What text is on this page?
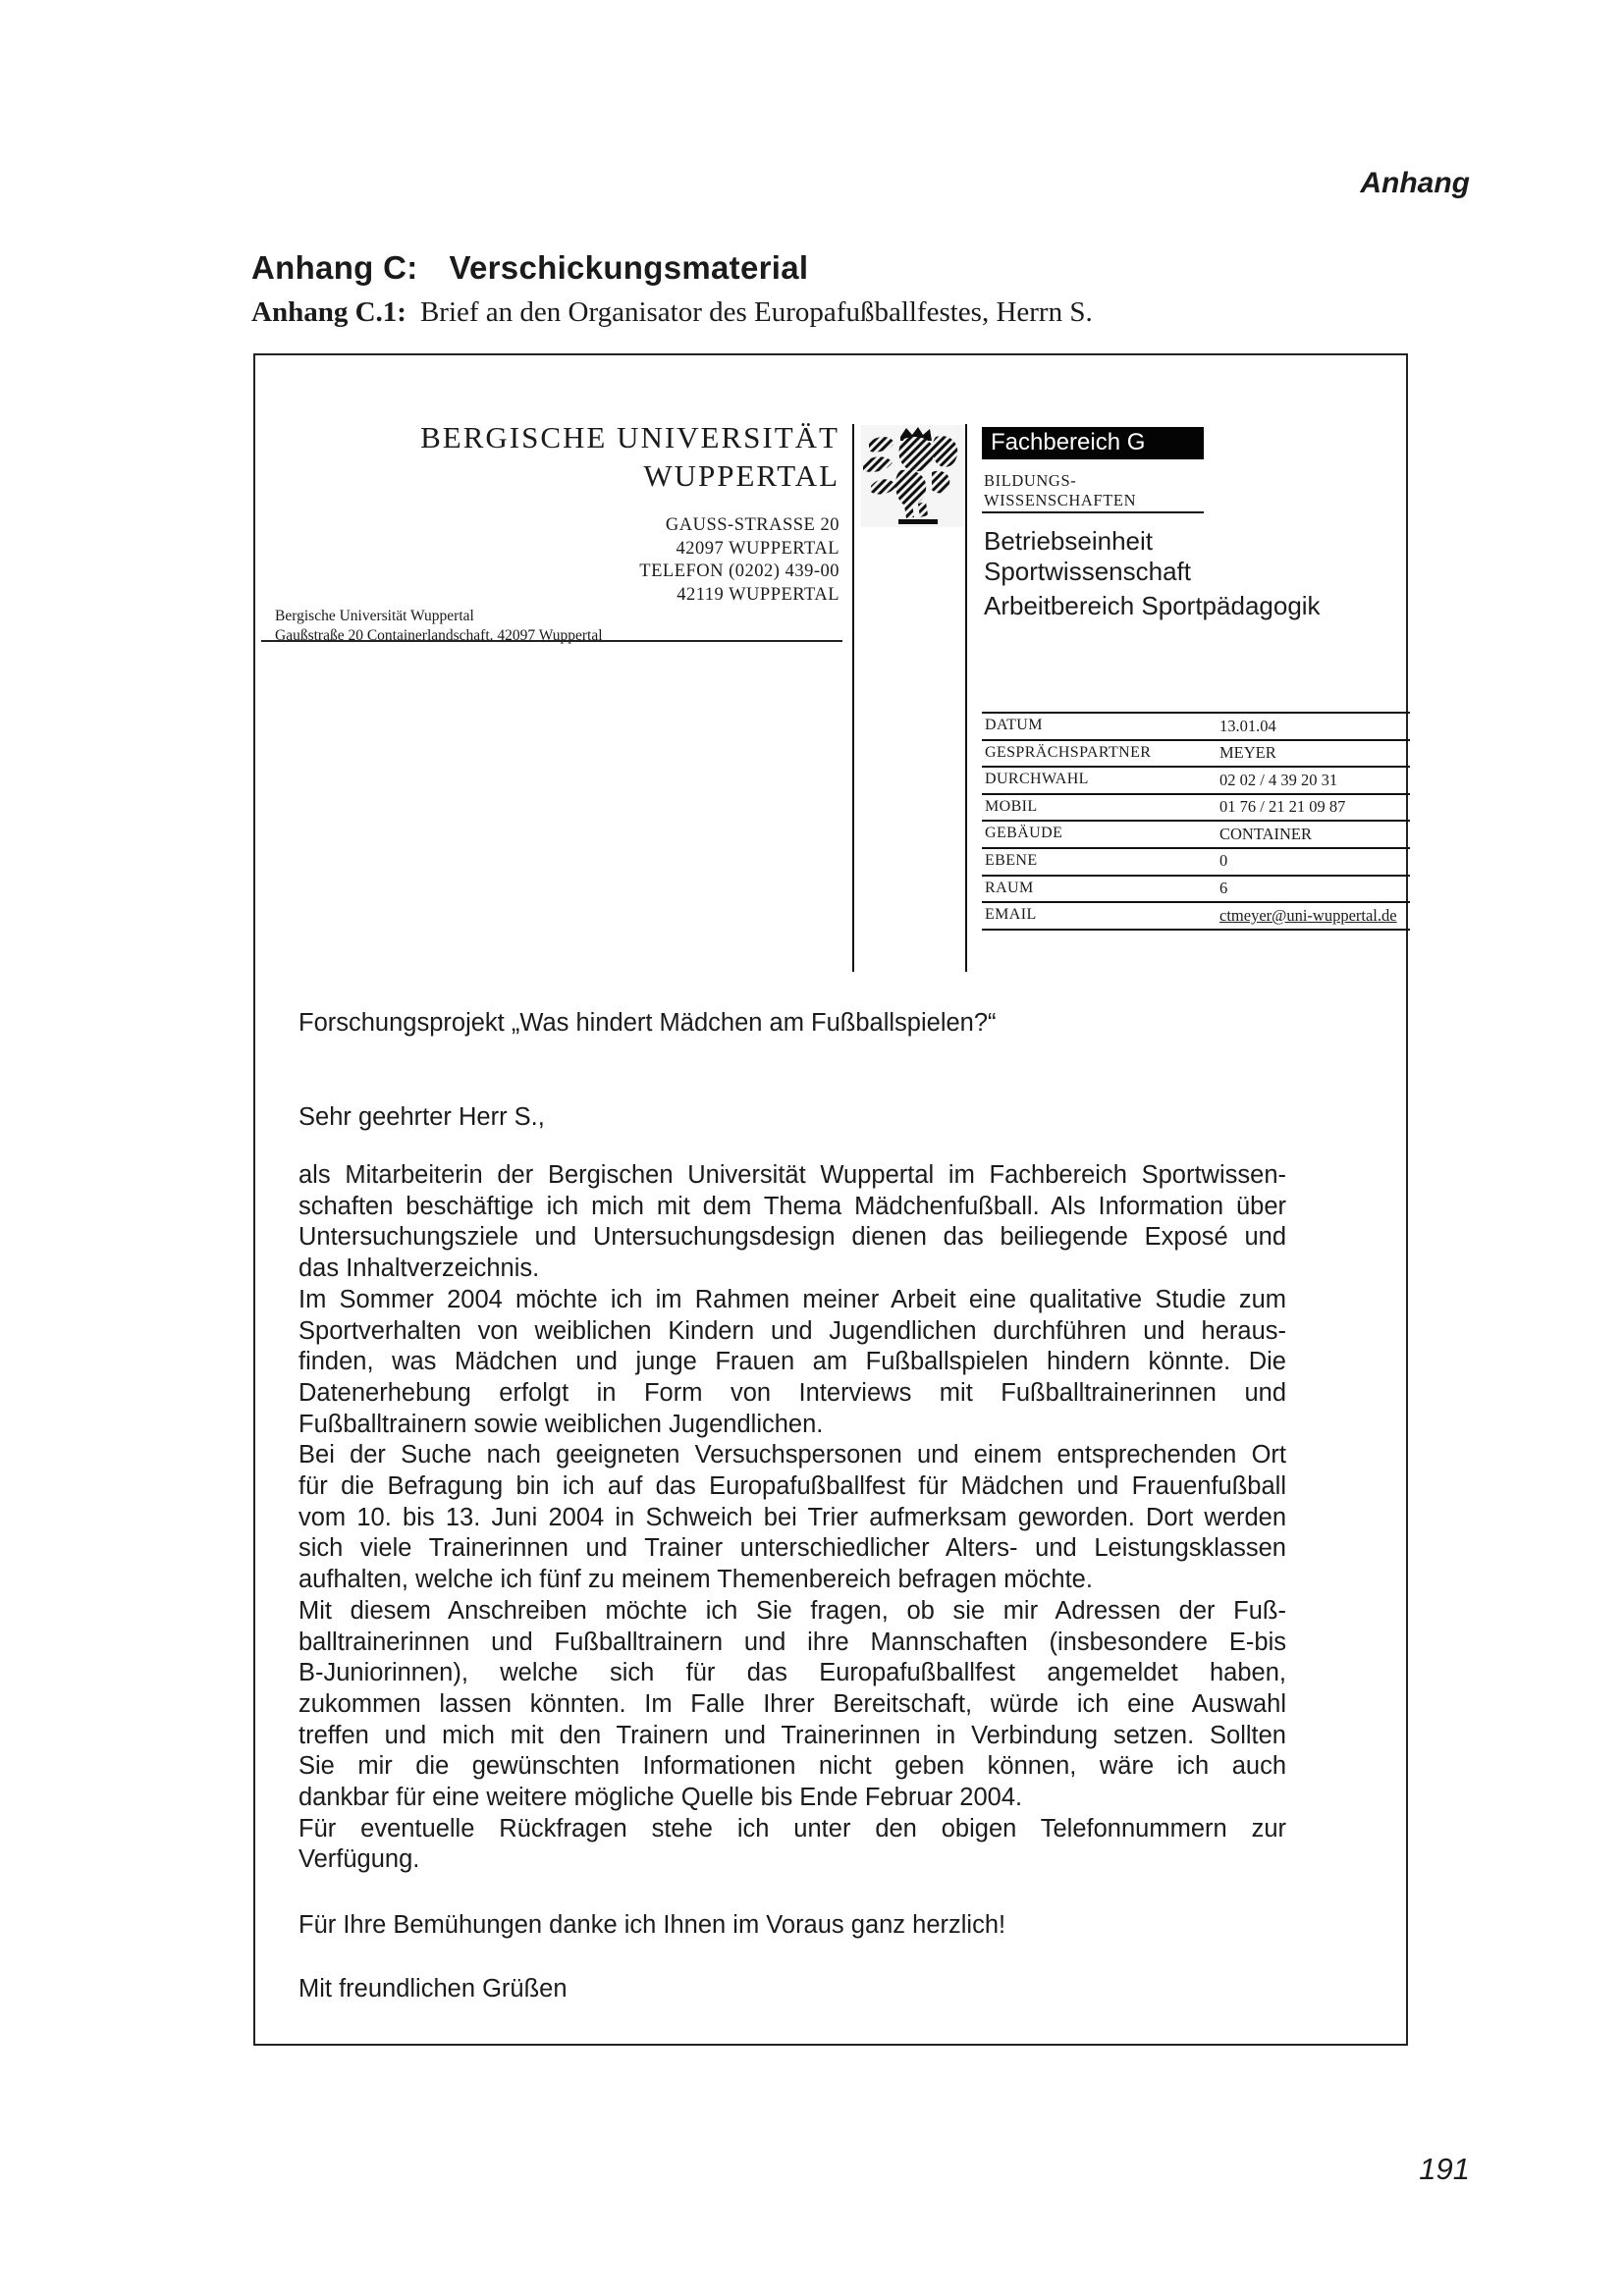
Anhang
Anhang C: Verschickungsmaterial
Anhang C.1: Brief an den Organisator des Europafußballfestes, Herrn S.
BERGISCHE UNIVERSITÄT
WUPPERTAL
GAUSS-STRASSE 20
42097 WUPPERTAL
TELEFON (0202) 439-00
42119 WUPPERTAL
Bergische Universität Wuppertal
Gaußstraße 20 Containerlandschaft. 42097 Wuppertal
Fachbereich G
BILDUNGS-
WISSENSCHAFTEN
Betriebseinheit
Sportwissenschaft
Arbeitbereich Sportpädagogik
DATUM	13.01.04
GESPRÄCHSPARTNER	MEYER
DURCHWAHL	02 02 / 4 39 20 31
MOBIL	01 76 / 21 21 09 87
GEBÄUDE	CONTAINER
EBENE	0
RAUM	6
EMAIL	ctmeyer@uni-wuppertal.de
Forschungsprojekt „Was hindert Mädchen am Fußballspielen?“
Sehr geehrter Herr S.,
als Mitarbeiterin der Bergischen Universität Wuppertal im Fachbereich Sportwissen-
schaften beschäftige ich mich mit dem Thema Mädchenfußball. Als Information über
Untersuchungsziele und Untersuchungsdesign dienen das beiliegende Exposé und
das Inhaltverzeichnis.
Im Sommer 2004 möchte ich im Rahmen meiner Arbeit eine qualitative Studie zum
Sportverhalten von weiblichen Kindern und Jugendlichen durchführen und heraus-
finden, was Mädchen und junge Frauen am Fußballspielen hindern könnte. Die
Datenerhebung erfolgt in Form von Interviews mit Fußballtrainerinnen und
Fußballtrainern sowie weiblichen Jugendlichen.
Bei der Suche nach geeigneten Versuchspersonen und einem entsprechenden Ort
für die Befragung bin ich auf das Europafußballfest für Mädchen und Frauenfußball
vom 10. bis 13. Juni 2004 in Schweich bei Trier aufmerksam geworden. Dort werden
sich viele Trainerinnen und Trainer unterschiedlicher Alters- und Leistungsklassen
aufhalten, welche ich fünf zu meinem Themenbereich befragen möchte.
Mit diesem Anschreiben möchte ich Sie fragen, ob sie mir Adressen der Fuß-
balltrainerinnen und Fußballtrainern und ihre Mannschaften (insbesondere E-bis
B-Juniorinnen), welche sich für das Europafußballfest angemeldet haben,
zukommen lassen könnten. Im Falle Ihrer Bereitschaft, würde ich eine Auswahl
treffen und mich mit den Trainern und Trainerinnen in Verbindung setzen. Sollten
Sie mir die gewünschten Informationen nicht geben können, wäre ich auch
dankbar für eine weitere mögliche Quelle bis Ende Februar 2004.
Für eventuelle Rückfragen stehe ich unter den obigen Telefonnummern zur
Verfügung.
Für Ihre Bemühungen danke ich Ihnen im Voraus ganz herzlich!
Mit freundlichen Grüßen
191
